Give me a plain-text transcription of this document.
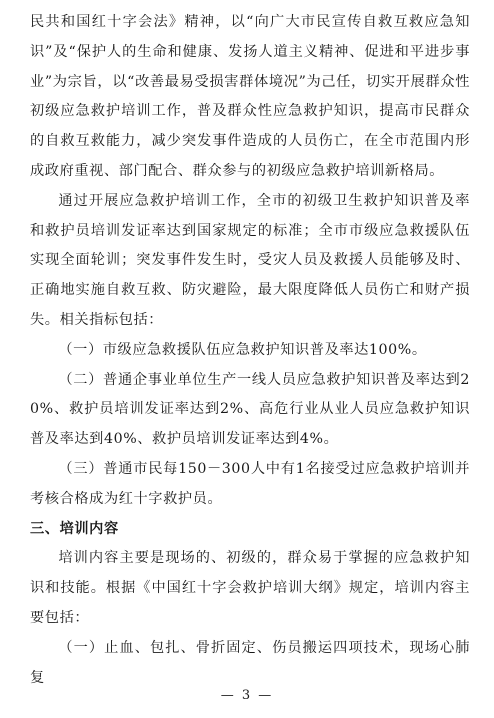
民共和国红十字会法》精神，以“向广大市民宣传自救互救应急知识”及“保护人的生命和健康、发扬人道主义精神、促进和平进步事业”为宗旨，以“改善最易受损害群体境况”为己任，切实开展群众性初级应急救护培训工作，普及群众性应急救护知识，提高市民群众的自救互救能力，减少突发事件造成的人员伤亡，在全市范围内形成政府重视、部门配合、群众参与的初级应急救护培训新格局。

通过开展应急救护培训工作，全市的初级卫生救护知识普及率和救护员培训发证率达到国家规定的标准；全市市级应急救援队伍实现全面轮训；突发事件发生时，受灾人员及救援人员能够及时、正确地实施自救互救、防灾避险，最大限度降低人员伤亡和财产损失。相关指标包括：

（一）市级应急救援队伍应急救护知识普及率达100%。

（二）普通企事业单位生产一线人员应急救护知识普及率达到20%、救护员培训发证率达到2%、高危行业从业人员应急救护知识普及率达到40%、救护员培训发证率达到4%。

（三）普通市民每150－300人中有1名接受过应急救护培训并考核合格成为红十字救护员。

三、培训内容

培训内容主要是现场的、初级的，群众易于掌握的应急救护知识和技能。根据《中国红十字会救护培训大纲》规定，培训内容主要包括：

（一）止血、包扎、骨折固定、伤员搬运四项技术，现场心肺复

— 3 —
